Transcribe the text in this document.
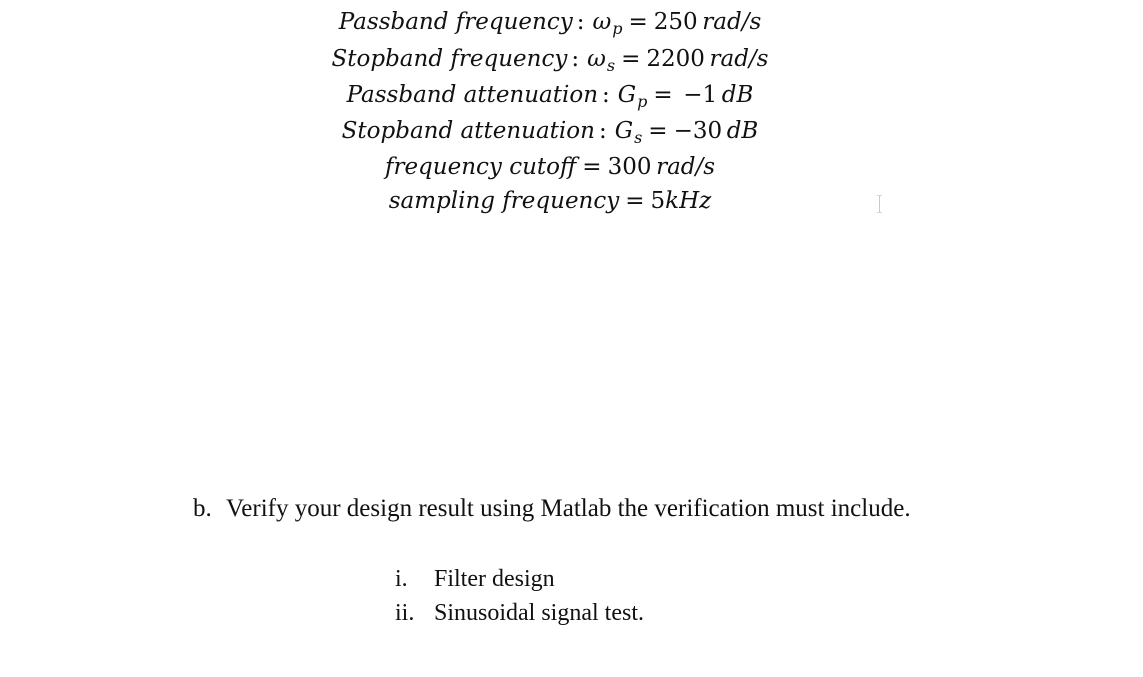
Passband frequency : $\omega_p = 250$  rad/s
Stopband frequency : $\omega_s = 2200$  rad/s
Passband attenuation : $G_p = -1$  dB
Stopband attenuation : $G_s = -30$  dB
frequency cutoff = 300  rad/s
sampling frequency = 5kHz
b. Verify your design result using Matlab the verification must include.
i. Filter design
ii. Sinusoidal signal test.
